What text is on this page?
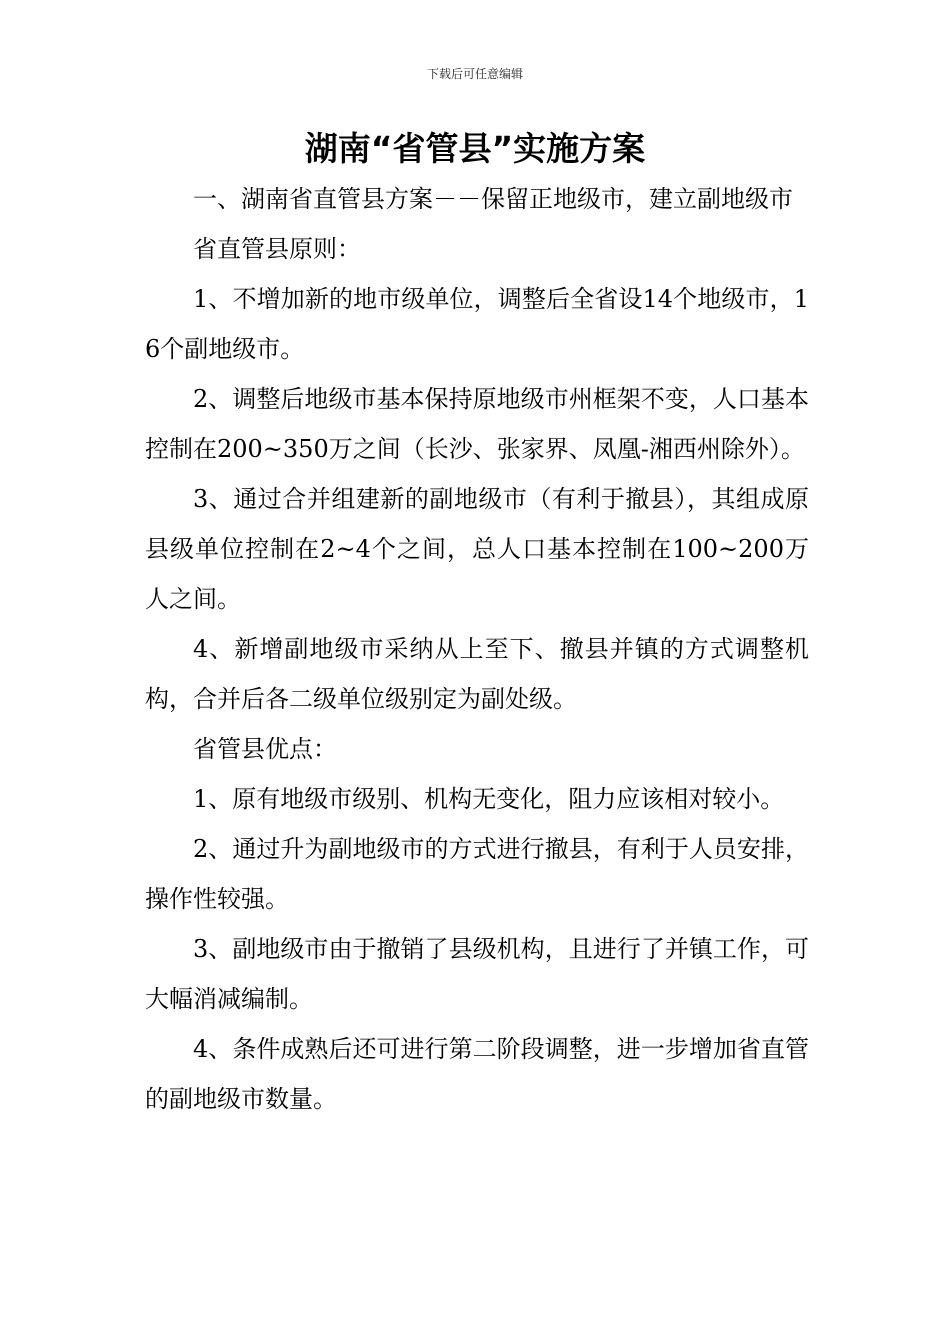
下载后可任意编辑
湖南“省管县”实施方案

一、湖南省直管县方案－－保留正地级市，建立副地级市

省直管县原则：

1、不增加新的地市级单位，调整后全省设14个地级市，16个副地级市。

2、调整后地级市基本保持原地级市州框架不变，人口基本控制在200~350万之间（长沙、张家界、凤凰-湘西州除外）。

3、通过合并组建新的副地级市（有利于撤县），其组成原县级单位控制在2~4个之间，总人口基本控制在100~200万人之间。

4、新增副地级市采纳从上至下、撤县并镇的方式调整机构，合并后各二级单位级别定为副处级。

省管县优点：

1、原有地级市级别、机构无变化，阻力应该相对较小。

2、通过升为副地级市的方式进行撤县，有利于人员安排，操作性较强。

3、副地级市由于撤销了县级机构，且进行了并镇工作，可大幅消减编制。

4、条件成熟后还可进行第二阶段调整，进一步增加省直管的副地级市数量。
